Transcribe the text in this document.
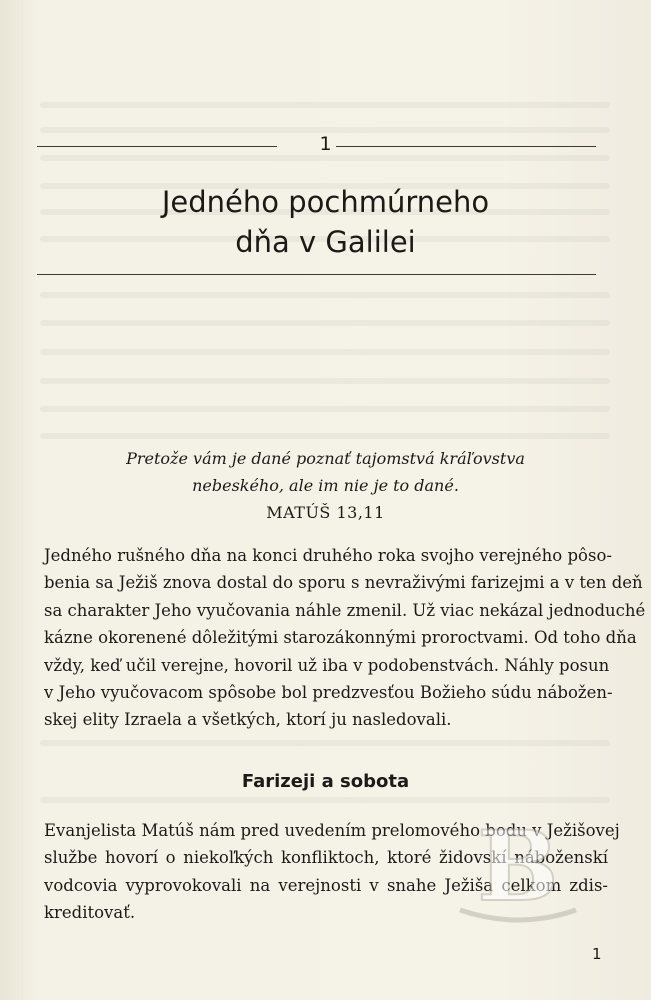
1
Jedného pochmúrneho
dňa v Galilei
Pretože vám je dané poznať tajomstvá kráľovstva
nebeského, ale im nie je to dané.
MATÚŠ 13,11
Jedného rušného dňa na konci druhého roka svojho verejného pôso-
benia sa Ježiš znova dostal do sporu s nevraživými farizejmi a v ten deň
sa charakter Jeho vyučovania náhle zmenil. Už viac nekázal jednoduché
kázne okorenené dôležitými starozákonnými proroctvami. Od toho dňa
vždy, keď učil verejne, hovoril už iba v podobenstvách. Náhly posun
v Jeho vyučovacom spôsobe bol predzvesťou Božieho súdu nábožen-
skej elity Izraela a všetkých, ktorí ju nasledovali.
Farizeji a sobota
Evanjelista Matúš nám pred uvedením prelomového bodu v Ježišovej
službe hovorí o niekoľkých konfliktoch, ktoré židovskí náboženskí
vodcovia vyprovokovali na verejnosti v snahe Ježiša celkom zdis-
kreditovať.	B
1
